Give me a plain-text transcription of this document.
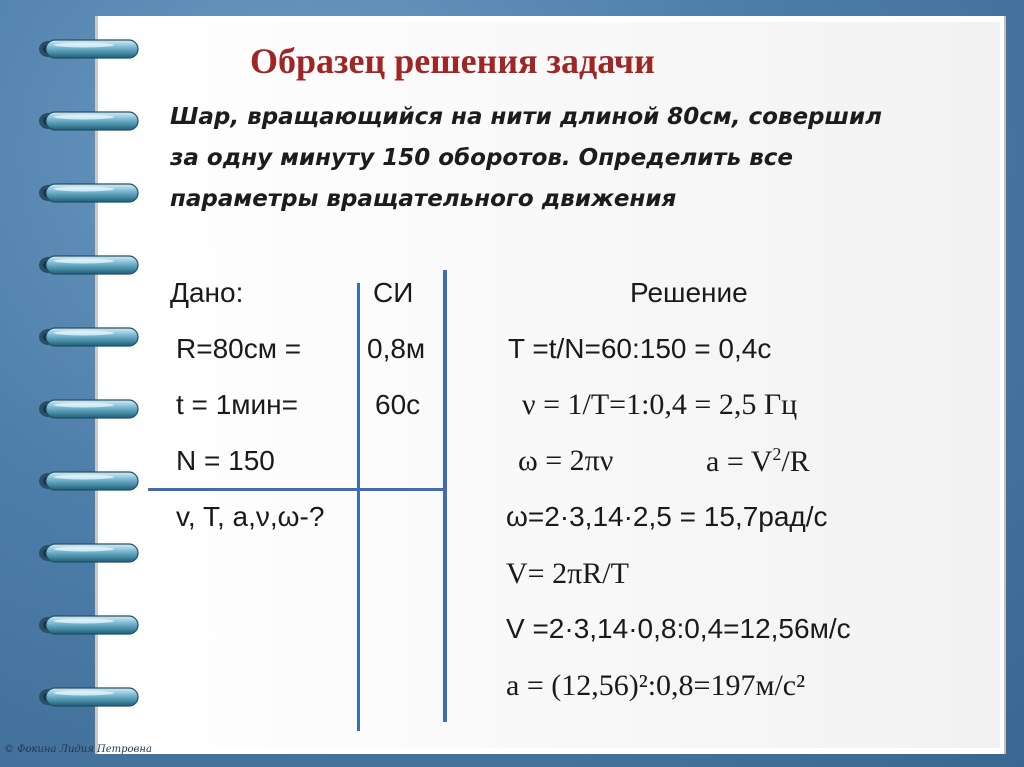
Образец решения задачи
Шар, вращающийся на нити длиной 80см, совершил
за одну минуту 150 оборотов. Определить все
параметры вращательного движения
Дано:
R=80см =
t = 1мин=
N = 150
v, T, a,ν,ω-?
СИ
0,8м
60с
Решение
T =t/N=60:150 = 0,4с
ν = 1/T=1:0,4 = 2,5 Гц
ω = 2πν	$a = V^2/R$
ω=2·3,14·2,5 = 15,7рад/с
V= 2πR/T
V =2·3,14·0,8:0,4=12,56м/с
a = (12,56)²:0,8=197м/с²
© Фокина Лидия Петровна
